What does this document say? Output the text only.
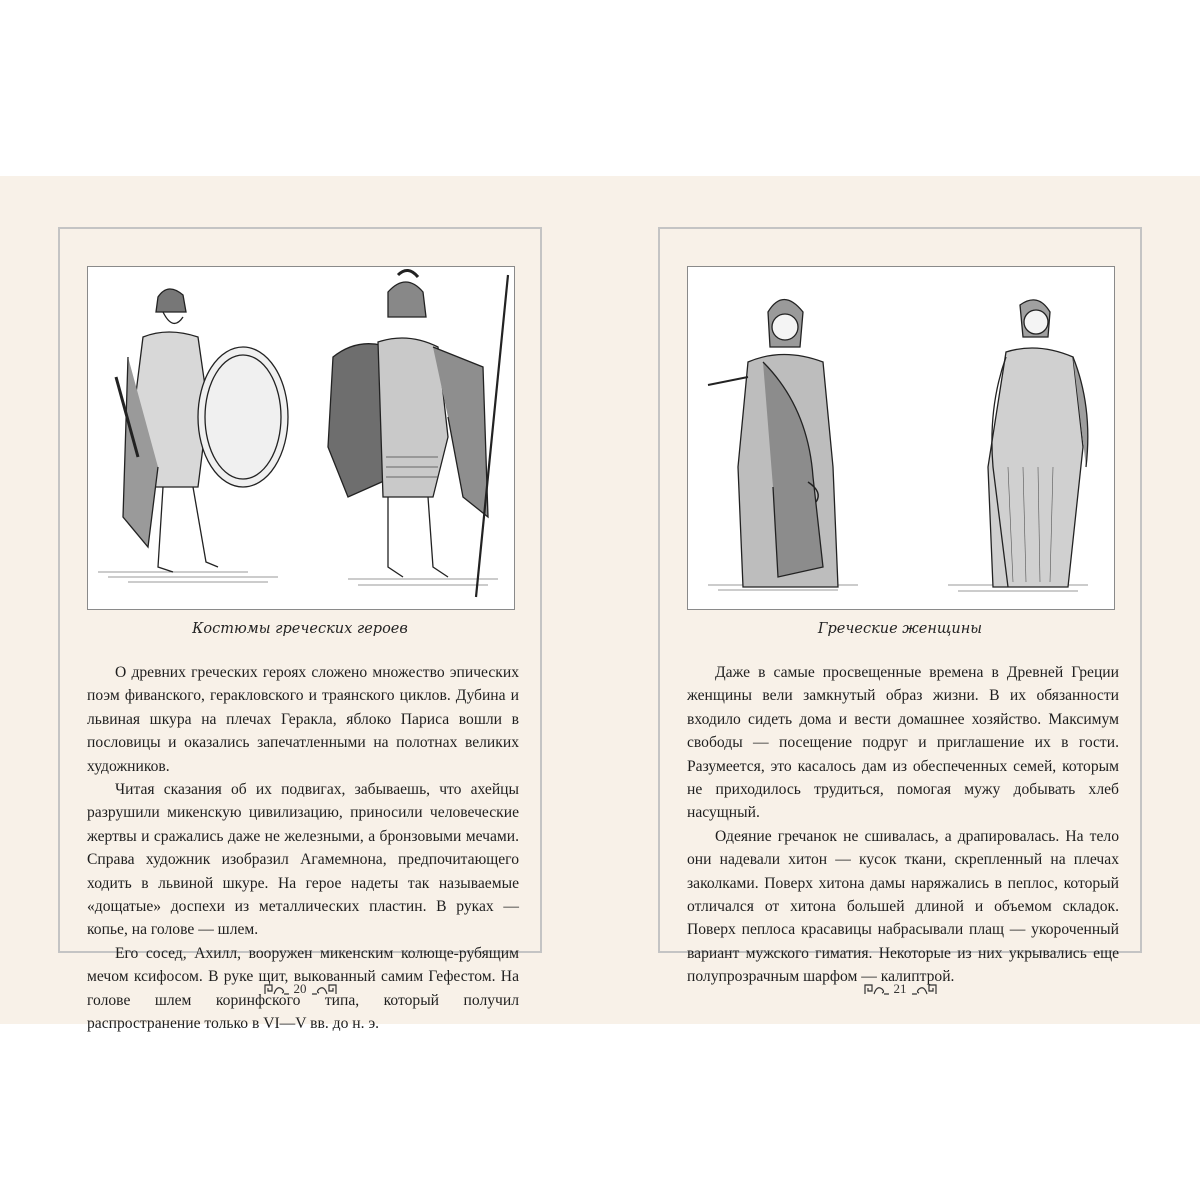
Костюмы греческих героев

О древних греческих героях сложено множество эпических поэм фиванского, геракловского и траянского циклов. Дубина и львиная шкура на плечах Геракла, яблоко Париса вошли в пословицы и оказались запечатленными на полотнах великих художников.

Читая сказания об их подвигах, забываешь, что ахейцы разрушили микенскую цивилизацию, приносили человеческие жертвы и сражались даже не железными, а бронзовыми мечами. Справа художник изобразил Агамемнона, предпочитающего ходить в львиной шкуре. На герое надеты так называемые «дощатые» доспехи из металлических пластин. В руках — копье, на голове — шлем.

Его сосед, Ахилл, вооружен микенским колюще-рубящим мечом ксифосом. В руке щит, выкованный самим Гефестом. На голове шлем коринфского типа, который получил распространение только в VI—V вв. до н. э.

20
Греческие женщины

Даже в самые просвещенные времена в Древней Греции женщины вели замкнутый образ жизни. В их обязанности входило сидеть дома и вести домашнее хозяйство. Максимум свободы — посещение подруг и приглашение их в гости. Разумеется, это касалось дам из обеспеченных семей, которым не приходилось трудиться, помогая мужу добывать хлеб насущный.

Одеяние гречанок не сшивалась, а драпировалась. На тело они надевали хитон — кусок ткани, скрепленный на плечах заколками. Поверх хитона дамы наряжались в пеплос, который отличался от хитона большей длиной и объемом складок. Поверх пеплоса красавицы набрасывали плащ — укороченный вариант мужского гиматия. Некоторые из них укрывались еще полупрозрачным шарфом — калиптрой.

21
